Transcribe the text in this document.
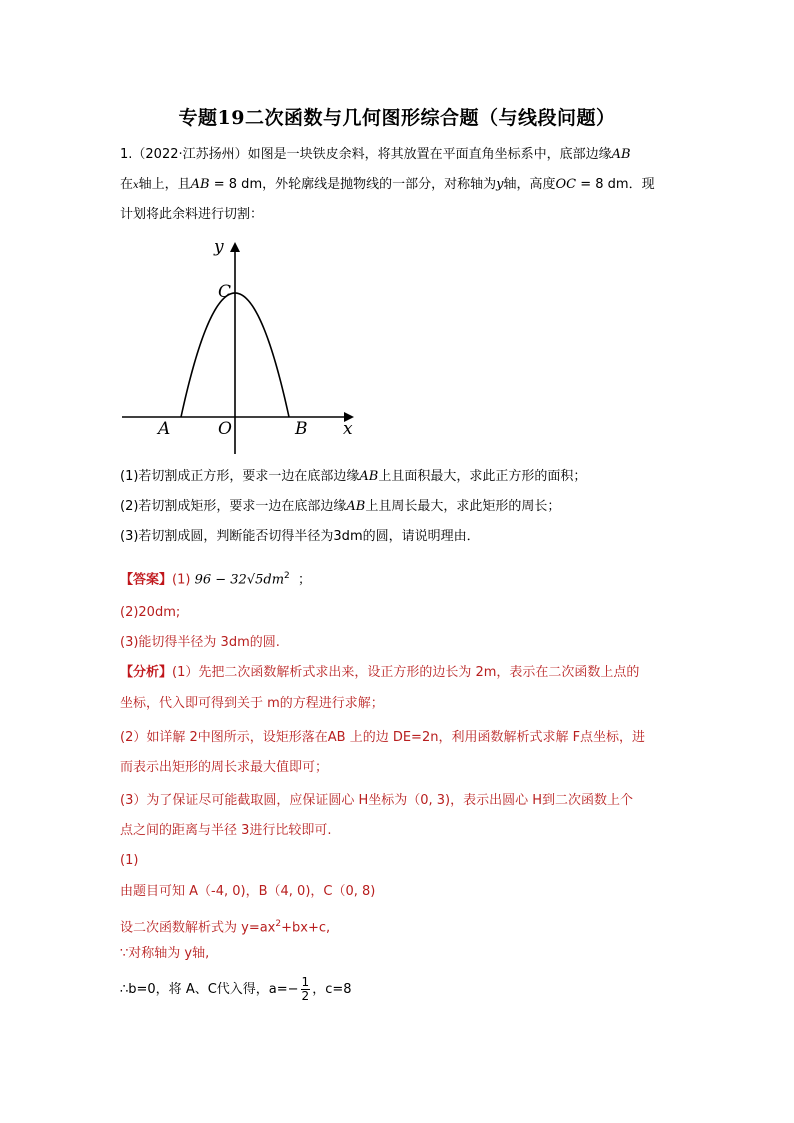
专题19二次函数与几何图形综合题（与线段问题）
1.（2022·江苏扬州）如图是一块铁皮余料，将其放置在平面直角坐标系中，底部边缘AB
在x轴上，且AB = 8 dm，外轮廓线是抛物线的一部分，对称轴为y轴，高度OC = 8 dm．现
计划将此余料进行切割：
y
C
A	O	B x
(1)若切割成正方形，要求一边在底部边缘AB上且面积最大，求此正方形的面积；
(2)若切割成矩形，要求一边在底部边缘AB上且周长最大，求此矩形的周长；
(3)若切割成圆，判断能否切得半径为3dm的圆，请说明理由．
【答案】(1) $96 - 32√5dm^2$ ；
(2)20dm;
(3)能切得半径为 3dm的圆.
【分析】(1）先把二次函数解析式求出来，设正方形的边长为 2m，表示在二次函数上点的
坐标，代入即可得到关于 m的方程进行求解；
(2）如详解 2中图所示，设矩形落在AB 上的边 DE=2n，利用函数解析式求解 F点坐标，进
而表示出矩形的周长求最大值即可；
(3）为了保证尽可能截取圆，应保证圆心 H坐标为（0, 3)，表示出圆心 H到二次函数上个
点之间的距离与半径 3进行比较即可.
(1)
由题目可知 A（-4, 0)，B（4, 0)，C（0, 8)
设二次函数解析式为 $y=ax^2+bx+c$,
∵对称轴为 y轴,
∴b=0，将 A、C代入得，$a=- \frac{1}{2}$ ，c=8
